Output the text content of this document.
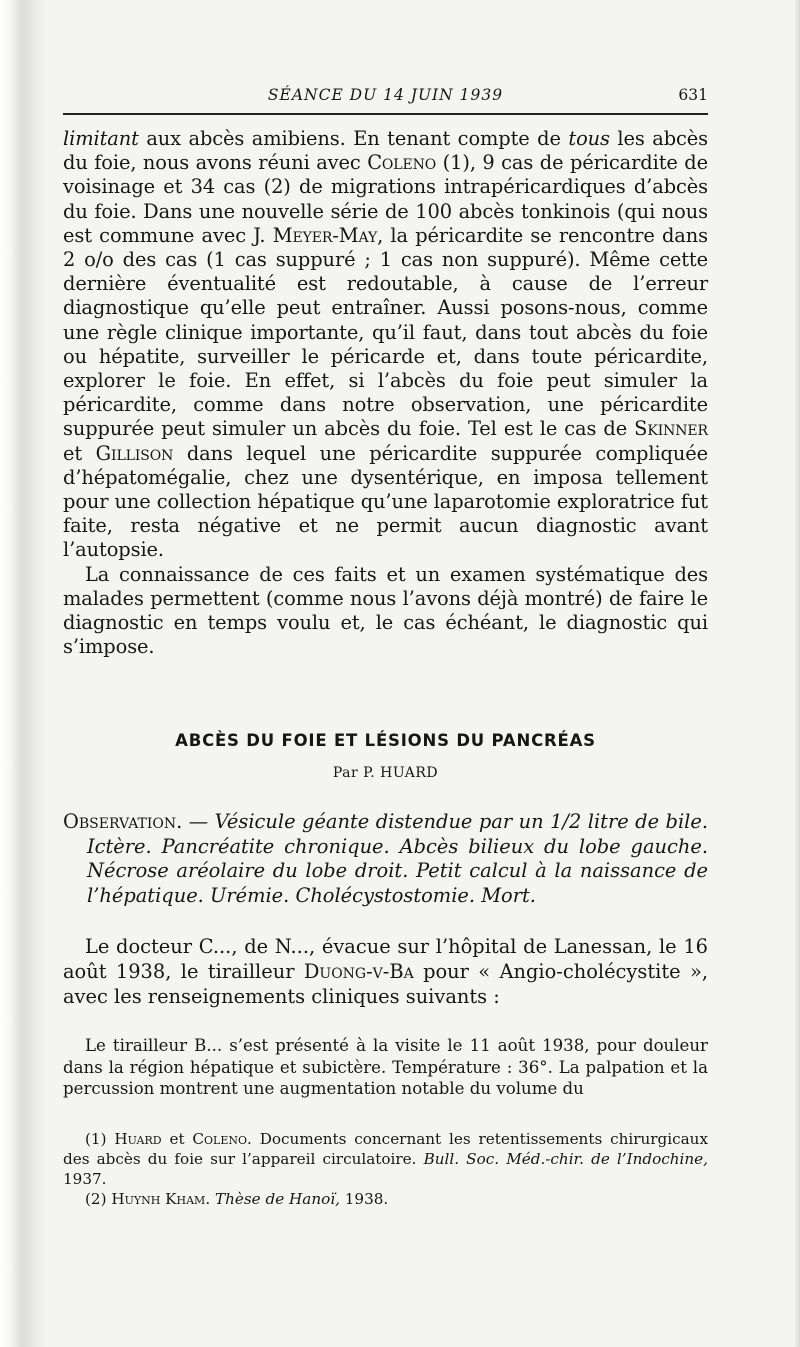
SÉANCE DU 14 JUIN 1939	631

limitant aux abcès amibiens. En tenant compte de tous les abcès du foie, nous avons réuni avec Coleno (1), 9 cas de péricardite de voisinage et 34 cas (2) de migrations intrapéricardiques d’abcès du foie. Dans une nouvelle série de 100 abcès tonkinois (qui nous est commune avec J. Meyer-May, la péricardite se rencontre dans 2 o/o des cas (1 cas suppuré ; 1 cas non suppuré). Même cette dernière éventualité est redoutable, à cause de l’erreur diagnostique qu’elle peut entraîner. Aussi posons-nous, comme une règle clinique importante, qu’il faut, dans tout abcès du foie ou hépatite, surveiller le péricarde et, dans toute péricardite, explorer le foie. En effet, si l’abcès du foie peut simuler la péricardite, comme dans notre observation, une péricardite suppurée peut simuler un abcès du foie. Tel est le cas de Skinner et Gillison dans lequel une péricardite suppurée compliquée d’hépatomégalie, chez une dysentérique, en imposa tellement pour une collection hépatique qu’une laparotomie exploratrice fut faite, resta négative et ne permit aucun diagnostic avant l’autopsie.

La connaissance de ces faits et un examen systématique des malades permettent (comme nous l’avons déjà montré) de faire le diagnostic en temps voulu et, le cas échéant, le diagnostic qui s’impose.

ABCÈS DU FOIE ET LÉSIONS DU PANCRÉAS
Par P. HUARD
Observation. — Vésicule géante distendue par un 1/2 litre de bile. Ictère. Pancréatite chronique. Abcès bilieux du lobe gauche. Nécrose aréolaire du lobe droit. Petit calcul à la naissance de l’hépatique. Urémie. Cholécystostomie. Mort.

Le docteur C..., de N..., évacue sur l’hôpital de Lanessan, le 16 août 1938, le tirailleur Duong-v-Ba pour « Angio-cholécystite », avec les renseignements cliniques suivants :

Le tirailleur B... s’est présenté à la visite le 11 août 1938, pour douleur dans la région hépatique et subictère. Température : 36°. La palpation et la percussion montrent une augmentation notable du volume du

(1) Huard et Coleno. Documents concernant les retentissements chirurgicaux des abcès du foie sur l’appareil circulatoire. Bull. Soc. Méd.-chir. de l’Indochine, 1937.

(2) Huynh Kham. Thèse de Hanoï, 1938.
